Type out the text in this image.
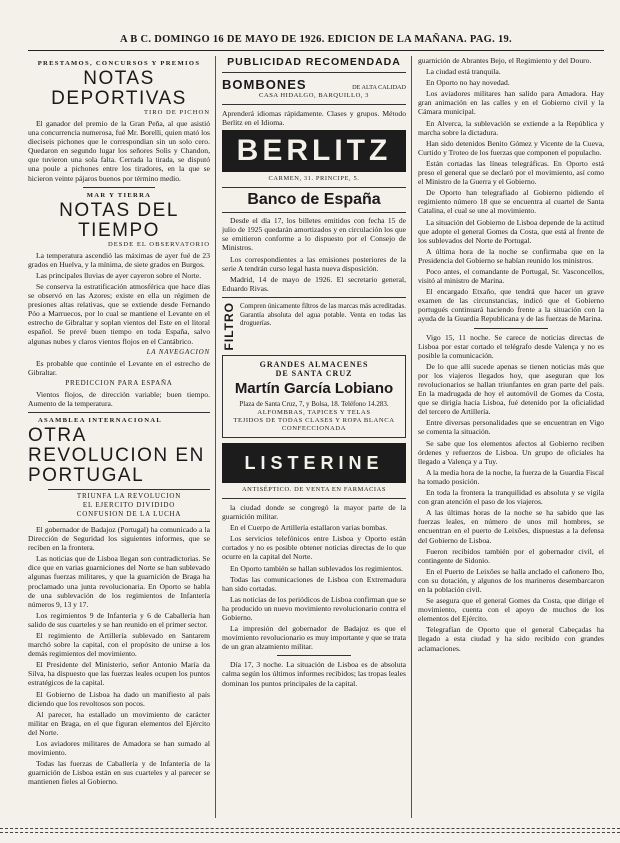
A B C. DOMINGO 16 DE MAYO DE 1926. EDICION DE LA MAÑANA. PAG. 19.
PRESTAMOS, CONCURSOS Y PREMIOS
NOTAS DEPORTIVAS
TIRO DE PICHON

El ganador del premio de la Gran Peña, al que asistió una concurrencia numerosa, fué Mr. Borelli, quien mató los dieciseis pichones que le correspondian sin un solo cero. Quedaron en segundo lugar los señores Solis y Chandon, que tuvieron una sola falta. Cerrada la tirada, se disputó una poule a pichones entre los tiradores, en la que se hicieron veinte pájaros buenos por término medio.

MAR Y TIERRA
NOTAS DEL TIEMPO
DESDE EL OBSERVATORIO

La temperatura ascendió las máximas de ayer fué de 23 grados en Huelva, y la mínima, de siete grados en Burgos.

Las principales lluvias de ayer cayeron sobre el Norte.

Se conserva la estratificación atmosférica que hace días se observó en las Azores; existe en ella un régimen de presiones altas relativas, que se extiende desde Fernando Póo a Marruecos, por lo cual se mantiene el Levante en el estrecho de Gibraltar y soplan vientos del Este en el litoral español. Se prevé buen tiempo en toda España, salvo algunas nubes y claros vientos flojos en el Cantábrico.

LA NAVEGACION

Es probable que continúe el Levante en el estrecho de Gibraltar.

PREDICCION PARA ESPAÑA

Vientos flojos, de dirección variable; buen tiempo. Aumento de la temperatura.

ASAMBLEA INTERNACIONAL
OTRA REVOLUCION EN PORTUGAL
TRIUNFA LA REVOLUCION
EL EJERCITO DIVIDIDO
CONFUSION DE LA LUCHA

El gobernador de Badajoz (Portugal) ha comunicado a la Dirección de Seguridad los siguientes informes, que se reciben en la frontera.

Las noticias que de Lisboa llegan son contradictorias. Se dice que en varias guarniciones del Norte se han sublevado algunas fuerzas militares, y que la guarnición de Braga ha proclamado una junta revolucionaria. En Oporto se habla de una sublevación de los regimientos de Infantería números 9, 13 y 17.

Los regimientos 9 de Infantería y 6 de Caballería han salido de sus cuarteles y se han reunido en el primer sector.

El regimiento de Artillería sublevado en Santarem marchó sobre la capital, con el propósito de unirse a los demás regimientos del movimiento.

El Presidente del Ministerio, señor Antonio María da Silva, ha dispuesto que las fuerzas leales ocupen los puntos estratégicos de la capital.

El Gobierno de Lisboa ha dado un manifiesto al país diciendo que los revoltosos son pocos.

Al parecer, ha estallado un movimiento de carácter militar en Braga, en el que figuran elementos del Ejército del Norte.

Los aviadores militares de Amadora se han sumado al movimiento.

Todas las fuerzas de Caballería y de Infantería de la guarnición de Lisboa están en sus cuarteles y al parecer se mantienen fieles al Gobierno.

PUBLICIDAD RECOMENDADA
BOMBONES	DE ALTA CALIDAD
CASA HIDALGO, BARQUILLO, 3

Aprenderá idiomas rápidamente. Clases y grupos. Método Berlitz en el Idioma.

BERLITZ
CARMEN, 31. PRINCIPE, 5.
Banco de España

Desde el día 17, los billetes emitidos con fecha 15 de julio de 1925 quedarán amortizados y en circulación los que se emitieron conforme a lo dispuesto por el Consejo de Ministros.

Los correspondientes a las emisiones posteriores de la serie A tendrán curso legal hasta nueva disposición.

Madrid, 14 de mayo de 1926. El secretario general, Eduardo Rivas.

FILTRO Compren únicamente filtros de las marcas más acreditadas. Garantía absoluta del agua potable. Venta en todas las droguerías.

GRANDES ALMACENES
DE SANTA CRUZ
Martín García Lobiano
Plaza de Santa Cruz, 7, y Bolsa, 18. Teléfono 14.283.
ALFOMBRAS, TAPICES Y TELAS
TEJIDOS DE TODAS CLASES Y ROPA BLANCA CONFECCIONADA
LISTERINE
ANTISÉPTICO. DE VENTA EN FARMACIAS

la ciudad donde se congregó la mayor parte de la guarnición militar.

En el Cuerpo de Artillería estallaron varias bombas.

Los servicios telefónicos entre Lisboa y Oporto están cortados y no es posible obtener noticias directas de lo que ocurre en la capital del Norte.

En Oporto también se hallan sublevados los regimientos.

Todas las comunicaciones de Lisboa con Extremadura han sido cortadas.

Las noticias de los periódicos de Lisboa confirman que se ha producido un nuevo movimiento revolucionario contra el Gobierno.

La impresión del gobernador de Badajoz es que el movimiento revolucionario es muy importante y que se trata de un gran alzamiento militar.

Día 17, 3 noche. La situación de Lisboa es de absoluta calma según los últimos informes recibidos; las tropas leales dominan los puntos principales de la capital.

guarnición de Abrantes Bejo, el Regimiento y del Douro.

La ciudad está tranquila.

En Oporto no hay novedad.

Los aviadores militares han salido para Amadora. Hay gran animación en las calles y en el Gobierno civil y la Cámara municipal.

En Alverca, la sublevación se extiende a la República y marcha sobre la dictadura.

Han sido detenidos Benito Gómez y Vicente de la Cueva, Curtido y Troteo de los fuerzas que componen el populacho.

Están cortadas las líneas telegráficas. En Oporto está preso el general que se declaró por el movimiento, así como el Ministro de la Guerra y el Gobierno.

De Oporto han telegrafiado al Gobierno pidiendo el regimiento número 18 que se encuentra al cuartel de Santa Catalina, el cual se une al movimiento.

La situación del Gobierno de Lisboa depende de la actitud que adopte el general Gomes da Costa, que está al frente de los sublevados del Norte de Portugal.

A última hora de la noche se confirmaba que en la Presidencia del Gobierno se habían reunido los ministros.

Poco antes, el comandante de Portugal, Sr. Vasconcellos, visitó al ministro de Marina.

El encargado Etxaño, que tendrá que hacer un grave examen de las circunstancias, indicó que el Gobierno portugués continuará haciendo frente a la situación con la ayuda de la Guardia Republicana y de las fuerzas de Marina.

Vigo 15, 11 noche. Se carece de noticias directas de Lisboa por estar cortado el telégrafo desde Valença y no es posible la comunicación.

De lo que allí sucede apenas se tienen noticias más que por los viajeros llegados hoy, que aseguran que los revolucionarios se hallan triunfantes en gran parte del país. En la madrugada de hoy el automóvil de Gomes da Costa, que se dirigía hacia Lisboa, fué detenido por la oficialidad del tercero de Artillería.

Entre diversas personalidades que se encuentran en Vigo se comenta la situación.

Se sabe que los elementos afectos al Gobierno reciben órdenes y refuerzos de Lisboa. Un grupo de oficiales ha llegado a Valença y a Tuy.

A la media hora de la noche, la fuerza de la Guardia Fiscal ha tomado posición.

En toda la frontera la tranquilidad es absoluta y se vigila con gran atención el paso de los viajeros.

A las últimas horas de la noche se ha sabido que las fuerzas leales, en número de unos mil hombres, se encuentran en el puerto de Leixões, dispuestas a la defensa del Gobierno de Lisboa.

Fueron recibidos también por el gobernador civil, el contingente de Sidonio.

En el Puerto de Leixões se halla anclado el cañonero Ibo, con su dotación, y algunos de los marineros desembarcaron en la población civil.

Se asegura que el general Gomes da Costa, que dirige el movimiento, cuenta con el apoyo de muchos de los elementos del Ejército.

Telegrafían de Oporto que el general Cabeçadas ha llegado a esta ciudad y ha sido recibido con grandes aclamaciones.
